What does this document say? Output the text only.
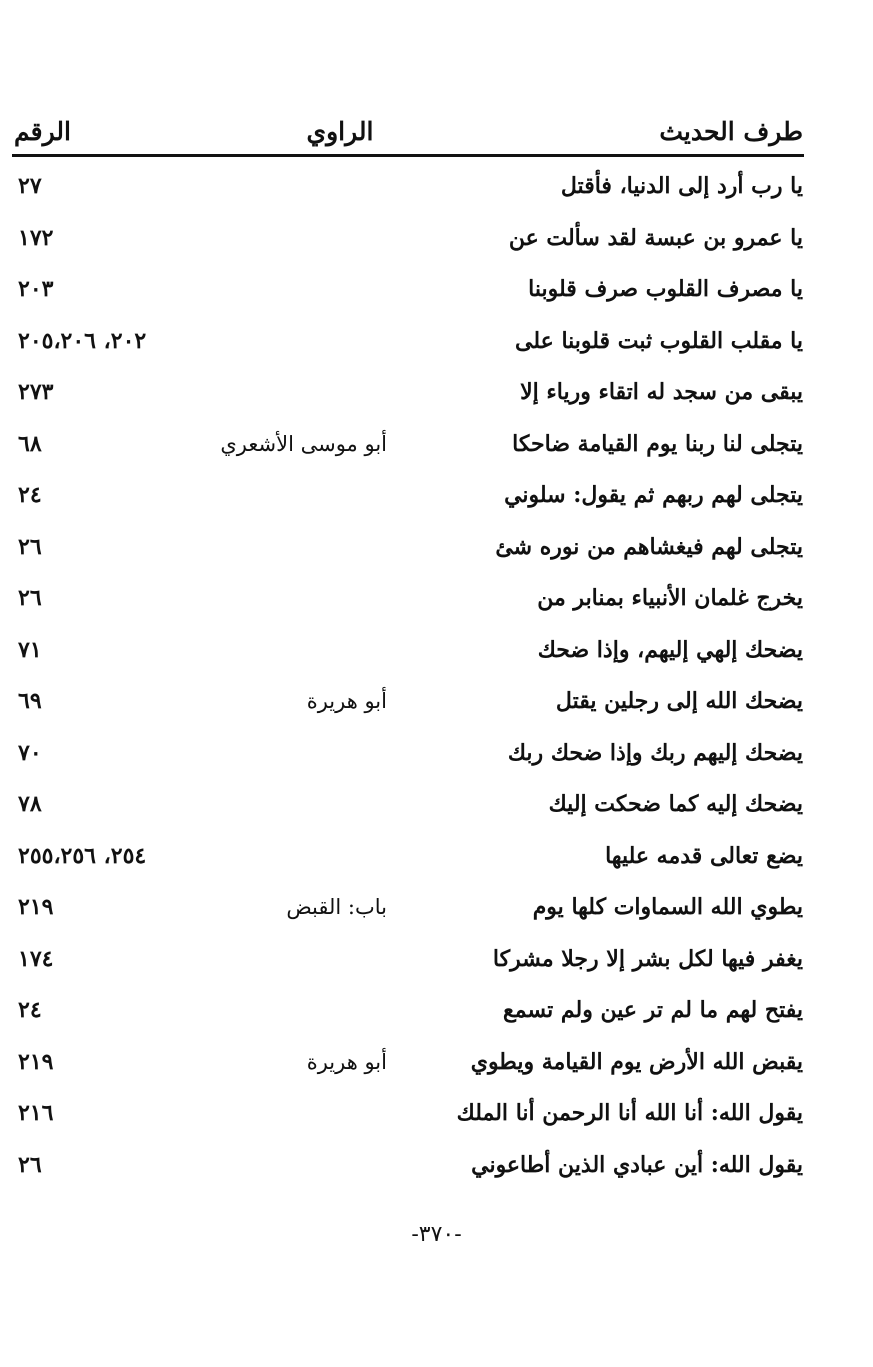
طرف الحديث
الراوي
الرقم
يا رب أرد إلى الدنيا، فأقتل
٢٧
يا عمرو بن عبسة لقد سألت عن
١٧٢
يا مصرف القلوب صرف قلوبنا
٢٠٣
يا مقلب القلوب ثبت قلوبنا على
٢٠٢، ٢٠٥،٢٠٦
يبقى من سجد له اتقاء ورياء إلا
٢٧٣
يتجلى لنا ربنا يوم القيامة ضاحكا
أبو موسى الأشعري
٦٨
يتجلى لهم ربهم ثم يقول: سلوني
٢٤
يتجلى لهم فيغشاهم من نوره شئ
٢٦
يخرج غلمان الأنبياء بمنابر من
٢٦
يضحك إلهي إليهم، وإذا ضحك
٧١
يضحك الله إلى رجلين يقتل
أبو هريرة
٦٩
يضحك إليهم ربك وإذا ضحك ربك
٧٠
يضحك إليه كما ضحكت إليك
٧٨
يضع تعالى قدمه عليها
٢٥٤، ٢٥٥،٢٥٦
يطوي الله السماوات كلها يوم
باب: القبض
٢١٩
يغفر فيها لكل بشر إلا رجلا مشركا
١٧٤
يفتح لهم ما لم تر عين ولم تسمع
٢٤
يقبض الله الأرض يوم القيامة ويطوي
أبو هريرة
٢١٩
يقول الله: أنا الله أنا الرحمن أنا الملك
٢١٦
يقول الله: أين عبادي الذين أطاعوني
٢٦
-٣٧٠-
